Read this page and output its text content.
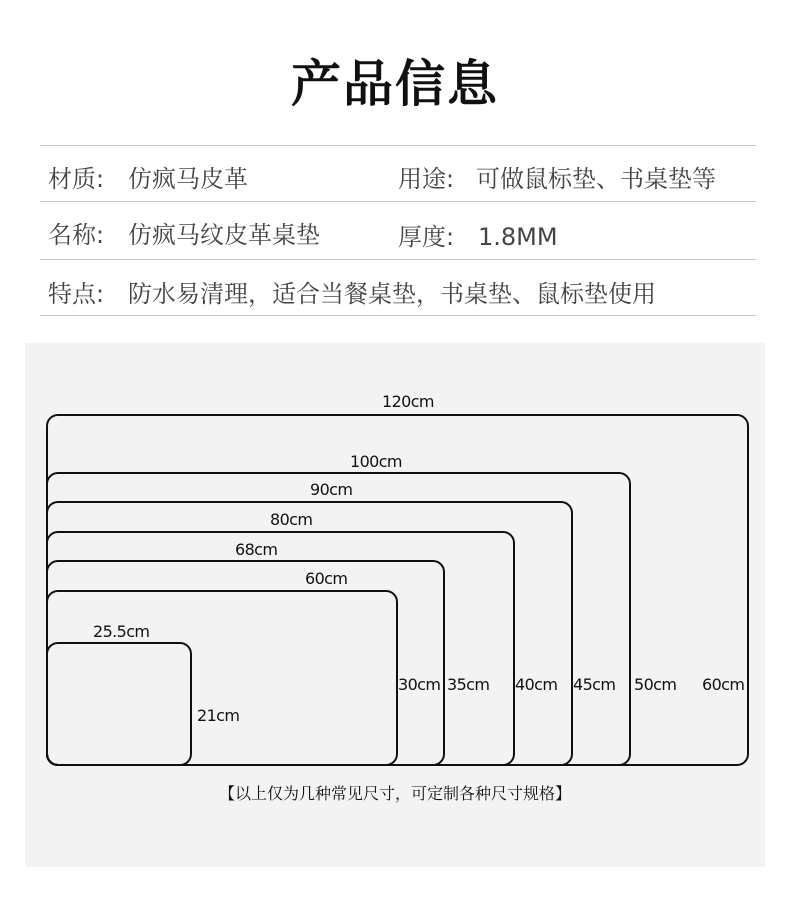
产品信息
材质: 仿疯马皮革	用途: 可做鼠标垫、书桌垫等
名称: 仿疯马纹皮革桌垫	厚度: 1.8MM
特点: 防水易清理，适合当餐桌垫，书桌垫、鼠标垫使用
120cm
100cm
90cm
80cm
68cm
60cm
25.5cm
60cm
50cm
45cm
40cm
35cm
30cm
21cm
【以上仅为几种常见尺寸，可定制各种尺寸规格】
